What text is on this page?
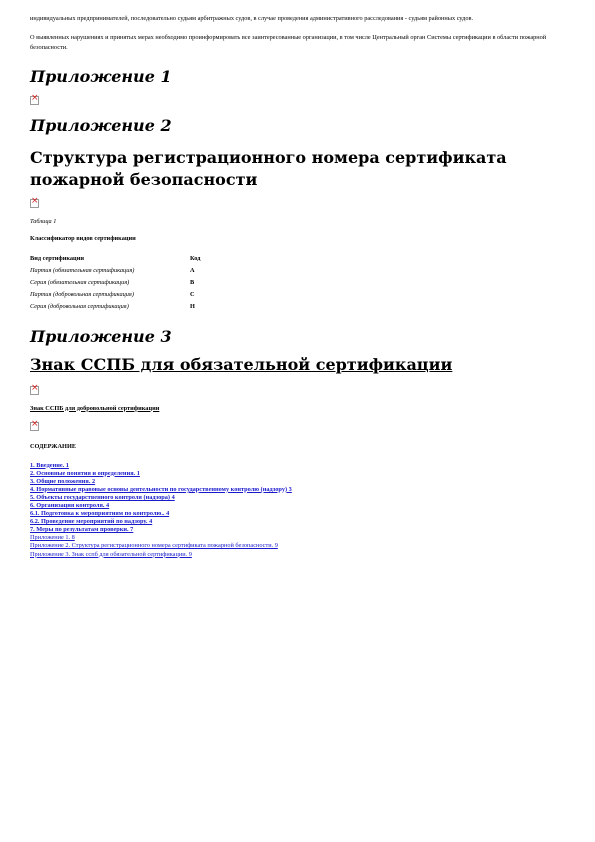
индивидуальных предпринимателей, последовательно судьям арбитражных судов, в случае проведения административного расследования - судьям районных судов.

О выявленных нарушениях и принятых мерах необходимо проинформировать все заинтересованные организации, в том числе Центральный орган Системы сертификации в области пожарной безопасности.

Приложение 1
×
Приложение 2
Структура регистрационного номера сертификата пожарной безопасности
×

Таблица 1

Классификатор видов сертификации

Вид сертификации	Код
Партия (обязательная сертификация)	А
Серия (обязательная сертификация)	В
Партия (добровольная сертификация)	С
Серия (добровольная сертификация)	Н
Приложение 3
Знак ССПБ для обязательной сертификации
×

Знак ССПБ для добровольной сертификации

×

СОДЕРЖАНИЕ

1. Введение. 1
2. Основные понятия и определения. 1
3. Общие положения. 2
4. Нормативные правовые основы деятельности по государственному контролю (надзору) 3
5. Объекты государственного контроля (надзора) 4
6. Организация контроля. 4
6.1. Подготовка к мероприятиям по контролю.. 4
6.2. Проведение мероприятий по надзору. 4
7. Меры по результатам проверки. 7
Приложение 1. 8
Приложение 2. Структура регистрационного номера сертификата пожарной безопасности. 9
Приложение 3. Знак сспб для обязательной сертификации. 9
